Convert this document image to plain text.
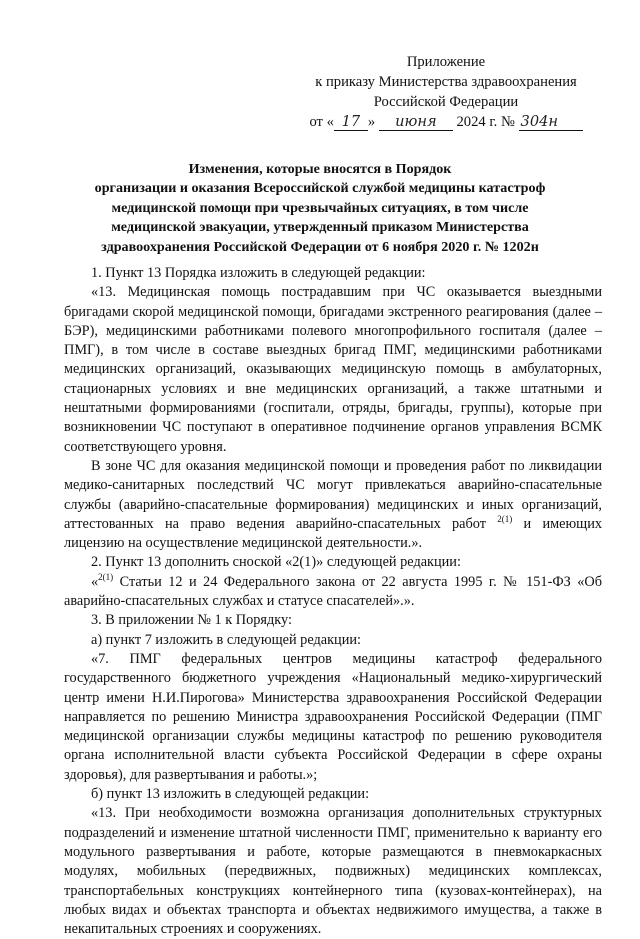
Приложение
к приказу Министерства здравоохранения
Российской Федерации
от « 17 » июня 2024 г. № 304н
Изменения, которые вносятся в Порядок
организации и оказания Всероссийской службой медицины катастроф
медицинской помощи при чрезвычайных ситуациях, в том числе
медицинской эвакуации, утвержденный приказом Министерства
здравоохранения Российской Федерации от 6 ноября 2020 г. № 1202н

1. Пункт 13 Порядка изложить в следующей редакции:

«13. Медицинская помощь пострадавшим при ЧС оказывается выездными бригадами скорой медицинской помощи, бригадами экстренного реагирования (далее – БЭР), медицинскими работниками полевого многопрофильного госпиталя (далее – ПМГ), в том числе в составе выездных бригад ПМГ, медицинскими работниками медицинских организаций, оказывающих медицинскую помощь в амбулаторных, стационарных условиях и вне медицинских организаций, а также штатными и нештатными формированиями (госпитали, отряды, бригады, группы), которые при возникновении ЧС поступают в оперативное подчинение органов управления ВСМК соответствующего уровня.

В зоне ЧС для оказания медицинской помощи и проведения работ по ликвидации медико-санитарных последствий ЧС могут привлекаться аварийно-спасательные службы (аварийно-спасательные формирования) медицинских и иных организаций, аттестованных на право ведения аварийно-спасательных работ $^{2(1)}$ и имеющих лицензию на осуществление медицинской деятельности.».

2. Пункт 13 дополнить сноской «2(1)» следующей редакции:

«$^{2(1)}$ Статьи 12 и 24 Федерального закона от 22 августа 1995 г. № 151-ФЗ «Об аварийно-спасательных службах и статусе спасателей».».

3. В приложении № 1 к Порядку:

а) пункт 7 изложить в следующей редакции:

«7. ПМГ федеральных центров медицины катастроф федерального государственного бюджетного учреждения «Национальный медико-хирургический центр имени Н.И.Пирогова» Министерства здравоохранения Российской Федерации направляется по решению Министра здравоохранения Российской Федерации (ПМГ медицинской организации службы медицины катастроф по решению руководителя органа исполнительной власти субъекта Российской Федерации в сфере охраны здоровья), для развертывания и работы.»;

б) пункт 13 изложить в следующей редакции:

«13. При необходимости возможна организация дополнительных структурных подразделений и изменение штатной численности ПМГ, применительно к варианту его модульного развертывания и работе, которые размещаются в пневмокаркасных модулях, мобильных (передвижных, подвижных) медицинских комплексах, транспортабельных конструкциях контейнерного типа (кузовах-контейнерах), на любых видах и объектах транспорта и объектах недвижимого имущества, а также в некапитальных строениях и сооружениях.
